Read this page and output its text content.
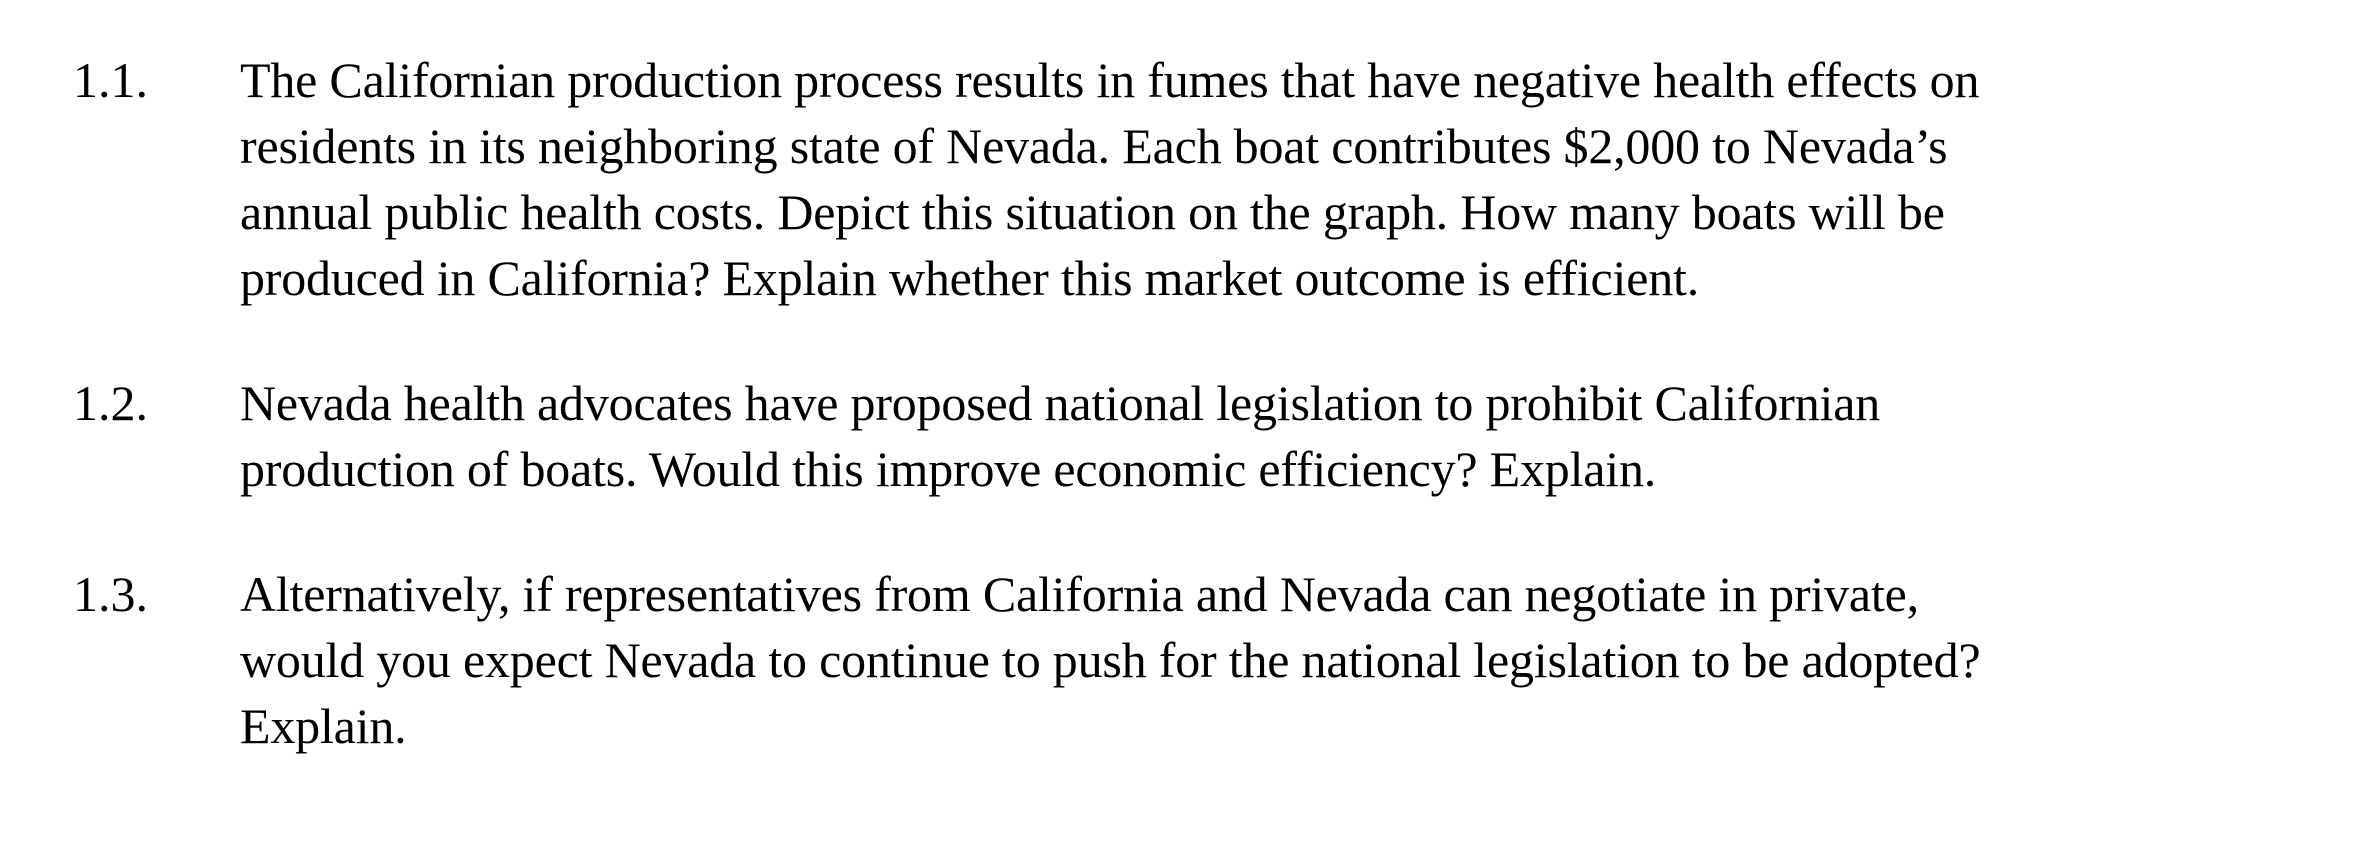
1.1. The Californian production process results in fumes that have negative health effects on
residents in its neighboring state of Nevada. Each boat contributes $2,000 to Nevada’s
annual public health costs. Depict this situation on the graph. How many boats will be
produced in California? Explain whether this market outcome is efficient.
1.2. Nevada health advocates have proposed national legislation to prohibit Californian
production of boats. Would this improve economic efficiency? Explain.
1.3. Alternatively, if representatives from California and Nevada can negotiate in private,
would you expect Nevada to continue to push for the national legislation to be adopted?
Explain.
